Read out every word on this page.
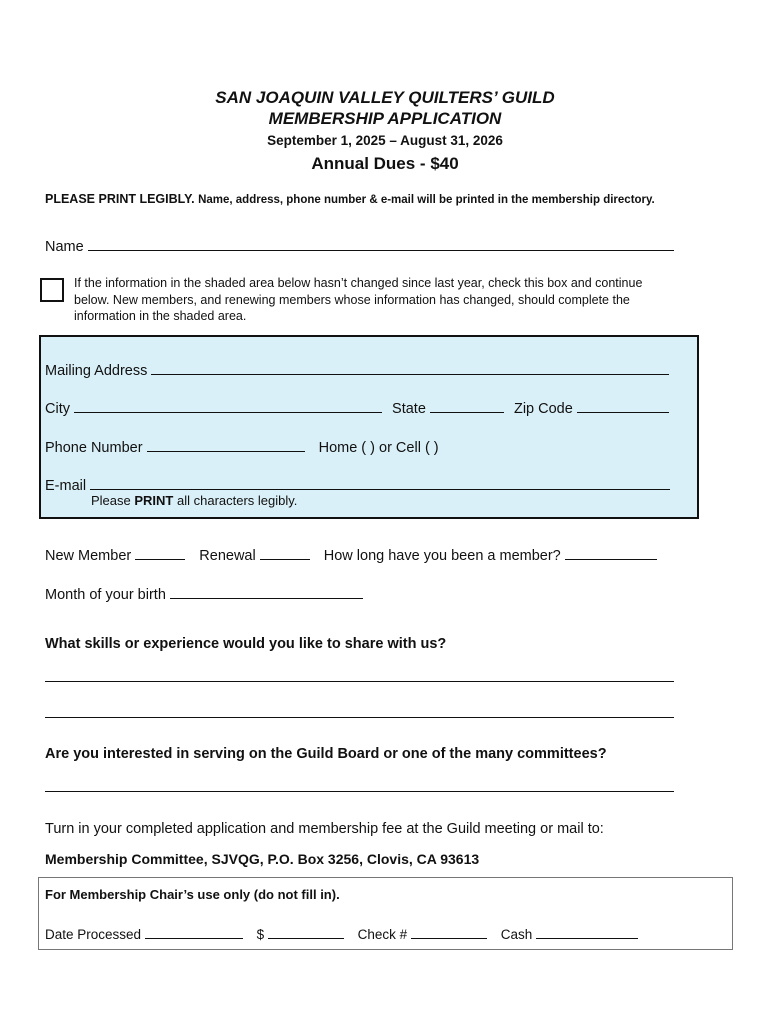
SAN JOAQUIN VALLEY QUILTERS’ GUILD
MEMBERSHIP APPLICATION
September 1, 2025 – August 31, 2026
Annual Dues - $40
PLEASE PRINT LEGIBLY. Name, address, phone number & e-mail will be printed in the membership directory.
Name
If the information in the shaded area below hasn’t changed since last year, check this box and continue
below. New members, and renewing members whose information has changed, should complete the
information in the shaded area.
Mailing Address
City	State	Zip Code
Phone Number	Home ( ) or Cell ( )
E-mail
Please PRINT all characters legibly.
New Member	Renewal	How long have you been a member?
Month of your birth
What skills or experience would you like to share with us?
Are you interested in serving on the Guild Board or one of the many committees?
Turn in your completed application and membership fee at the Guild meeting or mail to:
Membership Committee, SJVQG, P.O. Box 3256, Clovis, CA 93613
For Membership Chair’s use only (do not fill in).
Date Processed	$	Check #	Cash
